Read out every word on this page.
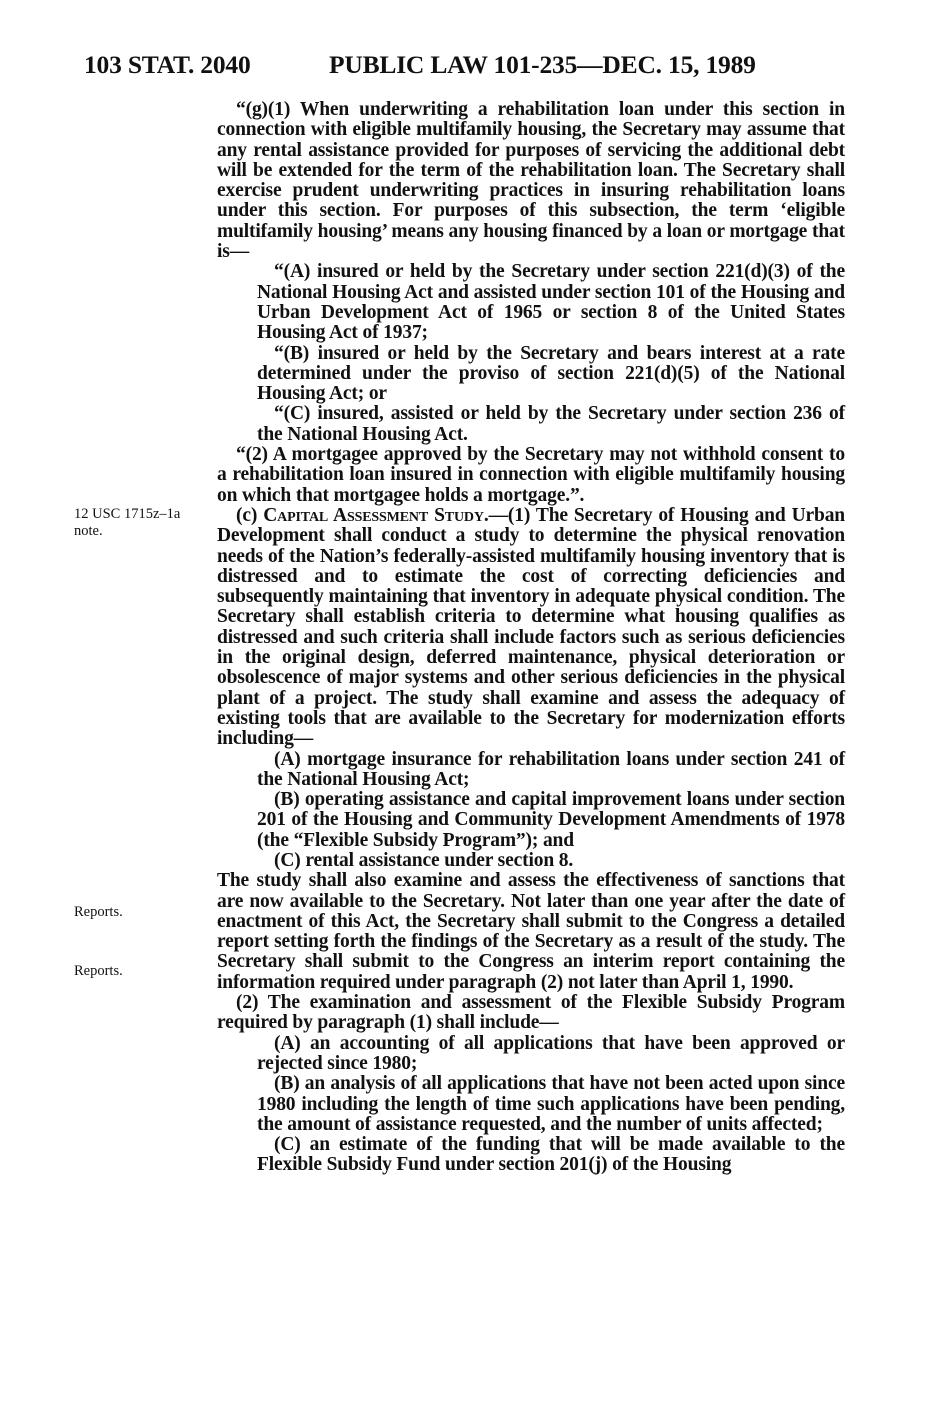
103 STAT. 2040	PUBLIC LAW 101-235—DEC. 15, 1989
12 USC 1715z–1a
note.
Reports.
Reports.

“(g)(1) When underwriting a rehabilitation loan under this section in connection with eligible multifamily housing, the Secretary may assume that any rental assistance provided for purposes of servicing the additional debt will be extended for the term of the rehabilitation loan. The Secretary shall exercise prudent underwriting practices in insuring rehabilitation loans under this section. For purposes of this subsection, the term ‘eligible multifamily housing’ means any housing financed by a loan or mortgage that is—

“(A) insured or held by the Secretary under section 221(d)(3) of the National Housing Act and assisted under section 101 of the Housing and Urban Development Act of 1965 or section 8 of the United States Housing Act of 1937;

“(B) insured or held by the Secretary and bears interest at a rate determined under the proviso of section 221(d)(5) of the National Housing Act; or

“(C) insured, assisted or held by the Secretary under section 236 of the National Housing Act.

“(2) A mortgagee approved by the Secretary may not withhold consent to a rehabilitation loan insured in connection with eligible multifamily housing on which that mortgagee holds a mortgage.”.

(c) Capital Assessment Study.—(1) The Secretary of Housing and Urban Development shall conduct a study to determine the physical renovation needs of the Nation’s federally-assisted multifamily housing inventory that is distressed and to estimate the cost of correcting deficiencies and subsequently maintaining that inventory in adequate physical condition. The Secretary shall establish criteria to determine what housing qualifies as distressed and such criteria shall include factors such as serious deficiencies in the original design, deferred maintenance, physical deterioration or obsolescence of major systems and other serious deficiencies in the physical plant of a project. The study shall examine and assess the adequacy of existing tools that are available to the Secretary for modernization efforts including—

(A) mortgage insurance for rehabilitation loans under section 241 of the National Housing Act;

(B) operating assistance and capital improvement loans under section 201 of the Housing and Community Development Amendments of 1978 (the “Flexible Subsidy Program”); and

(C) rental assistance under section 8.

The study shall also examine and assess the effectiveness of sanctions that are now available to the Secretary. Not later than one year after the date of enactment of this Act, the Secretary shall submit to the Congress a detailed report setting forth the findings of the Secretary as a result of the study. The Secretary shall submit to the Congress an interim report containing the information required under paragraph (2) not later than April 1, 1990.

(2) The examination and assessment of the Flexible Subsidy Program required by paragraph (1) shall include—

(A) an accounting of all applications that have been approved or rejected since 1980;

(B) an analysis of all applications that have not been acted upon since 1980 including the length of time such applications have been pending, the amount of assistance requested, and the number of units affected;

(C) an estimate of the funding that will be made available to the Flexible Subsidy Fund under section 201(j) of the Housing
